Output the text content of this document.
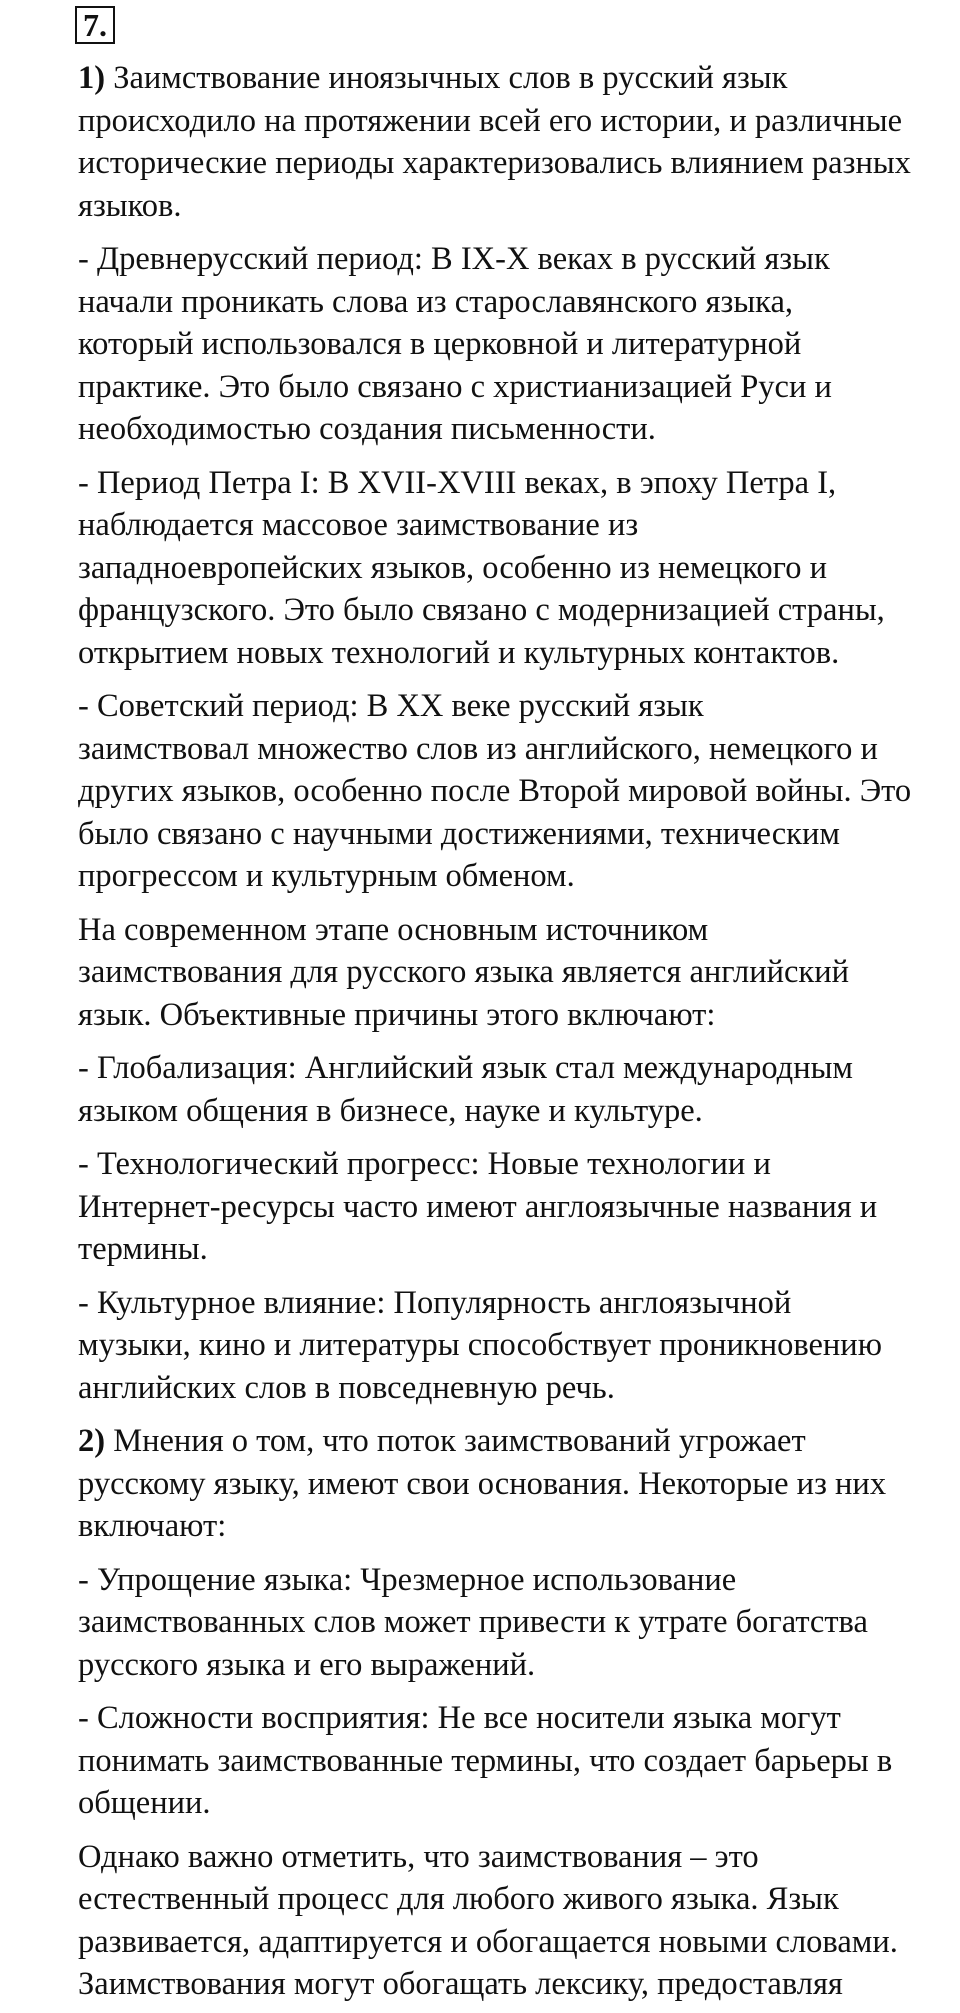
7.
1) Заимствование иноязычных слов в русский язык
происходило на протяжении всей его истории, и различные
исторические периоды характеризовались влиянием разных
языков.
- Древнерусский период: В IX-X веках в русский язык
начали проникать слова из старославянского языка,
который использовался в церковной и литературной
практике. Это было связано с христианизацией Руси и
необходимостью создания письменности.
- Период Петра I: В XVII-XVIII веках, в эпоху Петра I,
наблюдается массовое заимствование из
западноевропейских языков, особенно из немецкого и
французского. Это было связано с модернизацией страны,
открытием новых технологий и культурных контактов.
- Советский период: В XX веке русский язык
заимствовал множество слов из английского, немецкого и
других языков, особенно после Второй мировой войны. Это
было связано с научными достижениями, техническим
прогрессом и культурным обменом.
На современном этапе основным источником
заимствования для русского языка является английский
язык. Объективные причины этого включают:
- Глобализация: Английский язык стал международным
языком общения в бизнесе, науке и культуре.
- Технологический прогресс: Новые технологии и
Интернет-ресурсы часто имеют англоязычные названия и
термины.
- Культурное влияние: Популярность англоязычной
музыки, кино и литературы способствует проникновению
английских слов в повседневную речь.
2) Мнения о том, что поток заимствований угрожает
русскому языку, имеют свои основания. Некоторые из них
включают:
- Упрощение языка: Чрезмерное использование
заимствованных слов может привести к утрате богатства
русского языка и его выражений.
- Сложности восприятия: Не все носители языка могут
понимать заимствованные термины, что создает барьеры в
общении.
Однако важно отметить, что заимствования – это
естественный процесс для любого живого языка. Язык
развивается, адаптируется и обогащается новыми словами.
Заимствования могут обогащать лексику, предоставляя
